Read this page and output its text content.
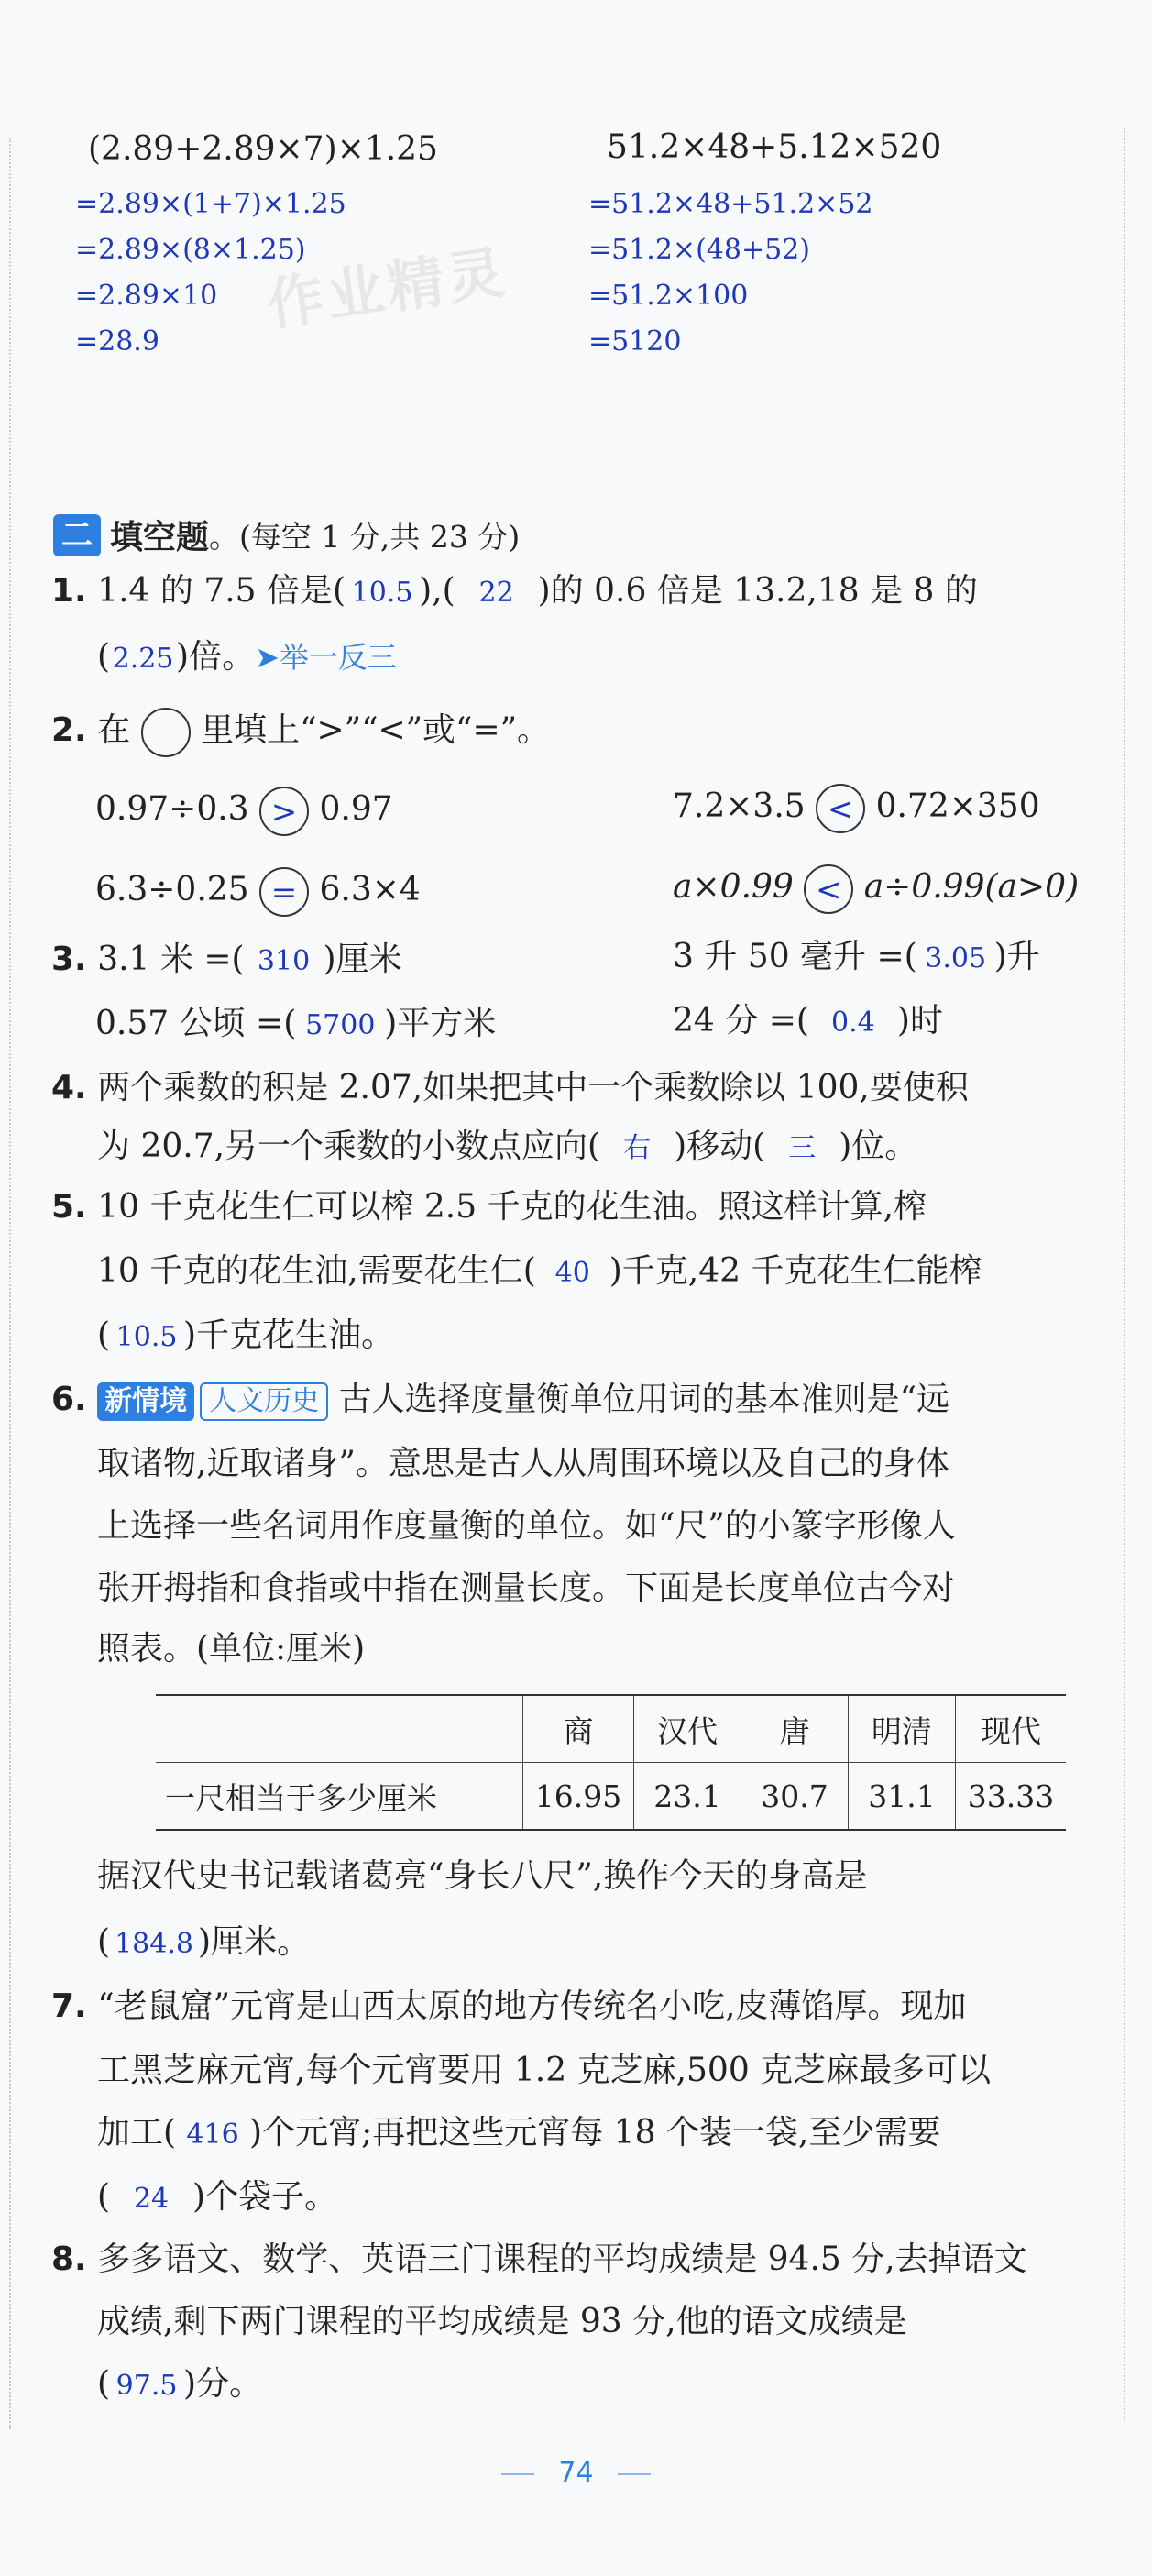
(2.89+2.89×7)×1.25
=2.89×(1+7)×1.25
=2.89×(8×1.25)
=2.89×10
=28.9
51.2×48+5.12×520
=51.2×48+51.2×52
=51.2×(48+52)
=51.2×100
=5120
作业精灵
二 填空题。(每空 1 分,共 23 分)
1. 1.4 的 7.5 倍是( 10.5 ),( 22 )的 0.6 倍是 13.2,18 是 8 的
(2.25)倍。➤举一反三
2. 在 里填上“>”“<”或“=”。
0.97÷0.3 > 0.97	7.2×3.5 < 0.72×350
6.3÷0.25 = 6.3×4	a×0.99 < a÷0.99(a>0)
3. 3.1 米 =( 310 )厘米	3 升 50 毫升 =( 3.05 )升
0.57 公顷 =( 5700 )平方米	24 分 =( 0.4 )时
4. 两个乘数的积是 2.07,如果把其中一个乘数除以 100,要使积
为 20.7,另一个乘数的小数点应向( 右 )移动( 三 )位。
5. 10 千克花生仁可以榨 2.5 千克的花生油。照这样计算,榨
10 千克的花生油,需要花生仁( 40 )千克,42 千克花生仁能榨
( 10.5 )千克花生油。
6. 新情境 人文历史 古人选择度量衡单位用词的基本准则是“远
取诸物,近取诸身”。意思是古人从周围环境以及自己的身体
上选择一些名词用作度量衡的单位。如“尺”的小篆字形像人
张开拇指和食指或中指在测量长度。下面是长度单位古今对
照表。(单位:厘米)
	商	汉代	唐	明清	现代
一尺相当于多少厘米	16.95	23.1	30.7	31.1	33.33
据汉代史书记载诸葛亮“身长八尺”,换作今天的身高是
( 184.8 )厘米。
7. “老鼠窟”元宵是山西太原的地方传统名小吃,皮薄馅厚。现加
工黑芝麻元宵,每个元宵要用 1.2 克芝麻,500 克芝麻最多可以
加工( 416 )个元宵;再把这些元宵每 18 个装一袋,至少需要
( 24 )个袋子。
8. 多多语文、数学、英语三门课程的平均成绩是 94.5 分,去掉语文
成绩,剩下两门课程的平均成绩是 93 分,他的语文成绩是
( 97.5 )分。
74
